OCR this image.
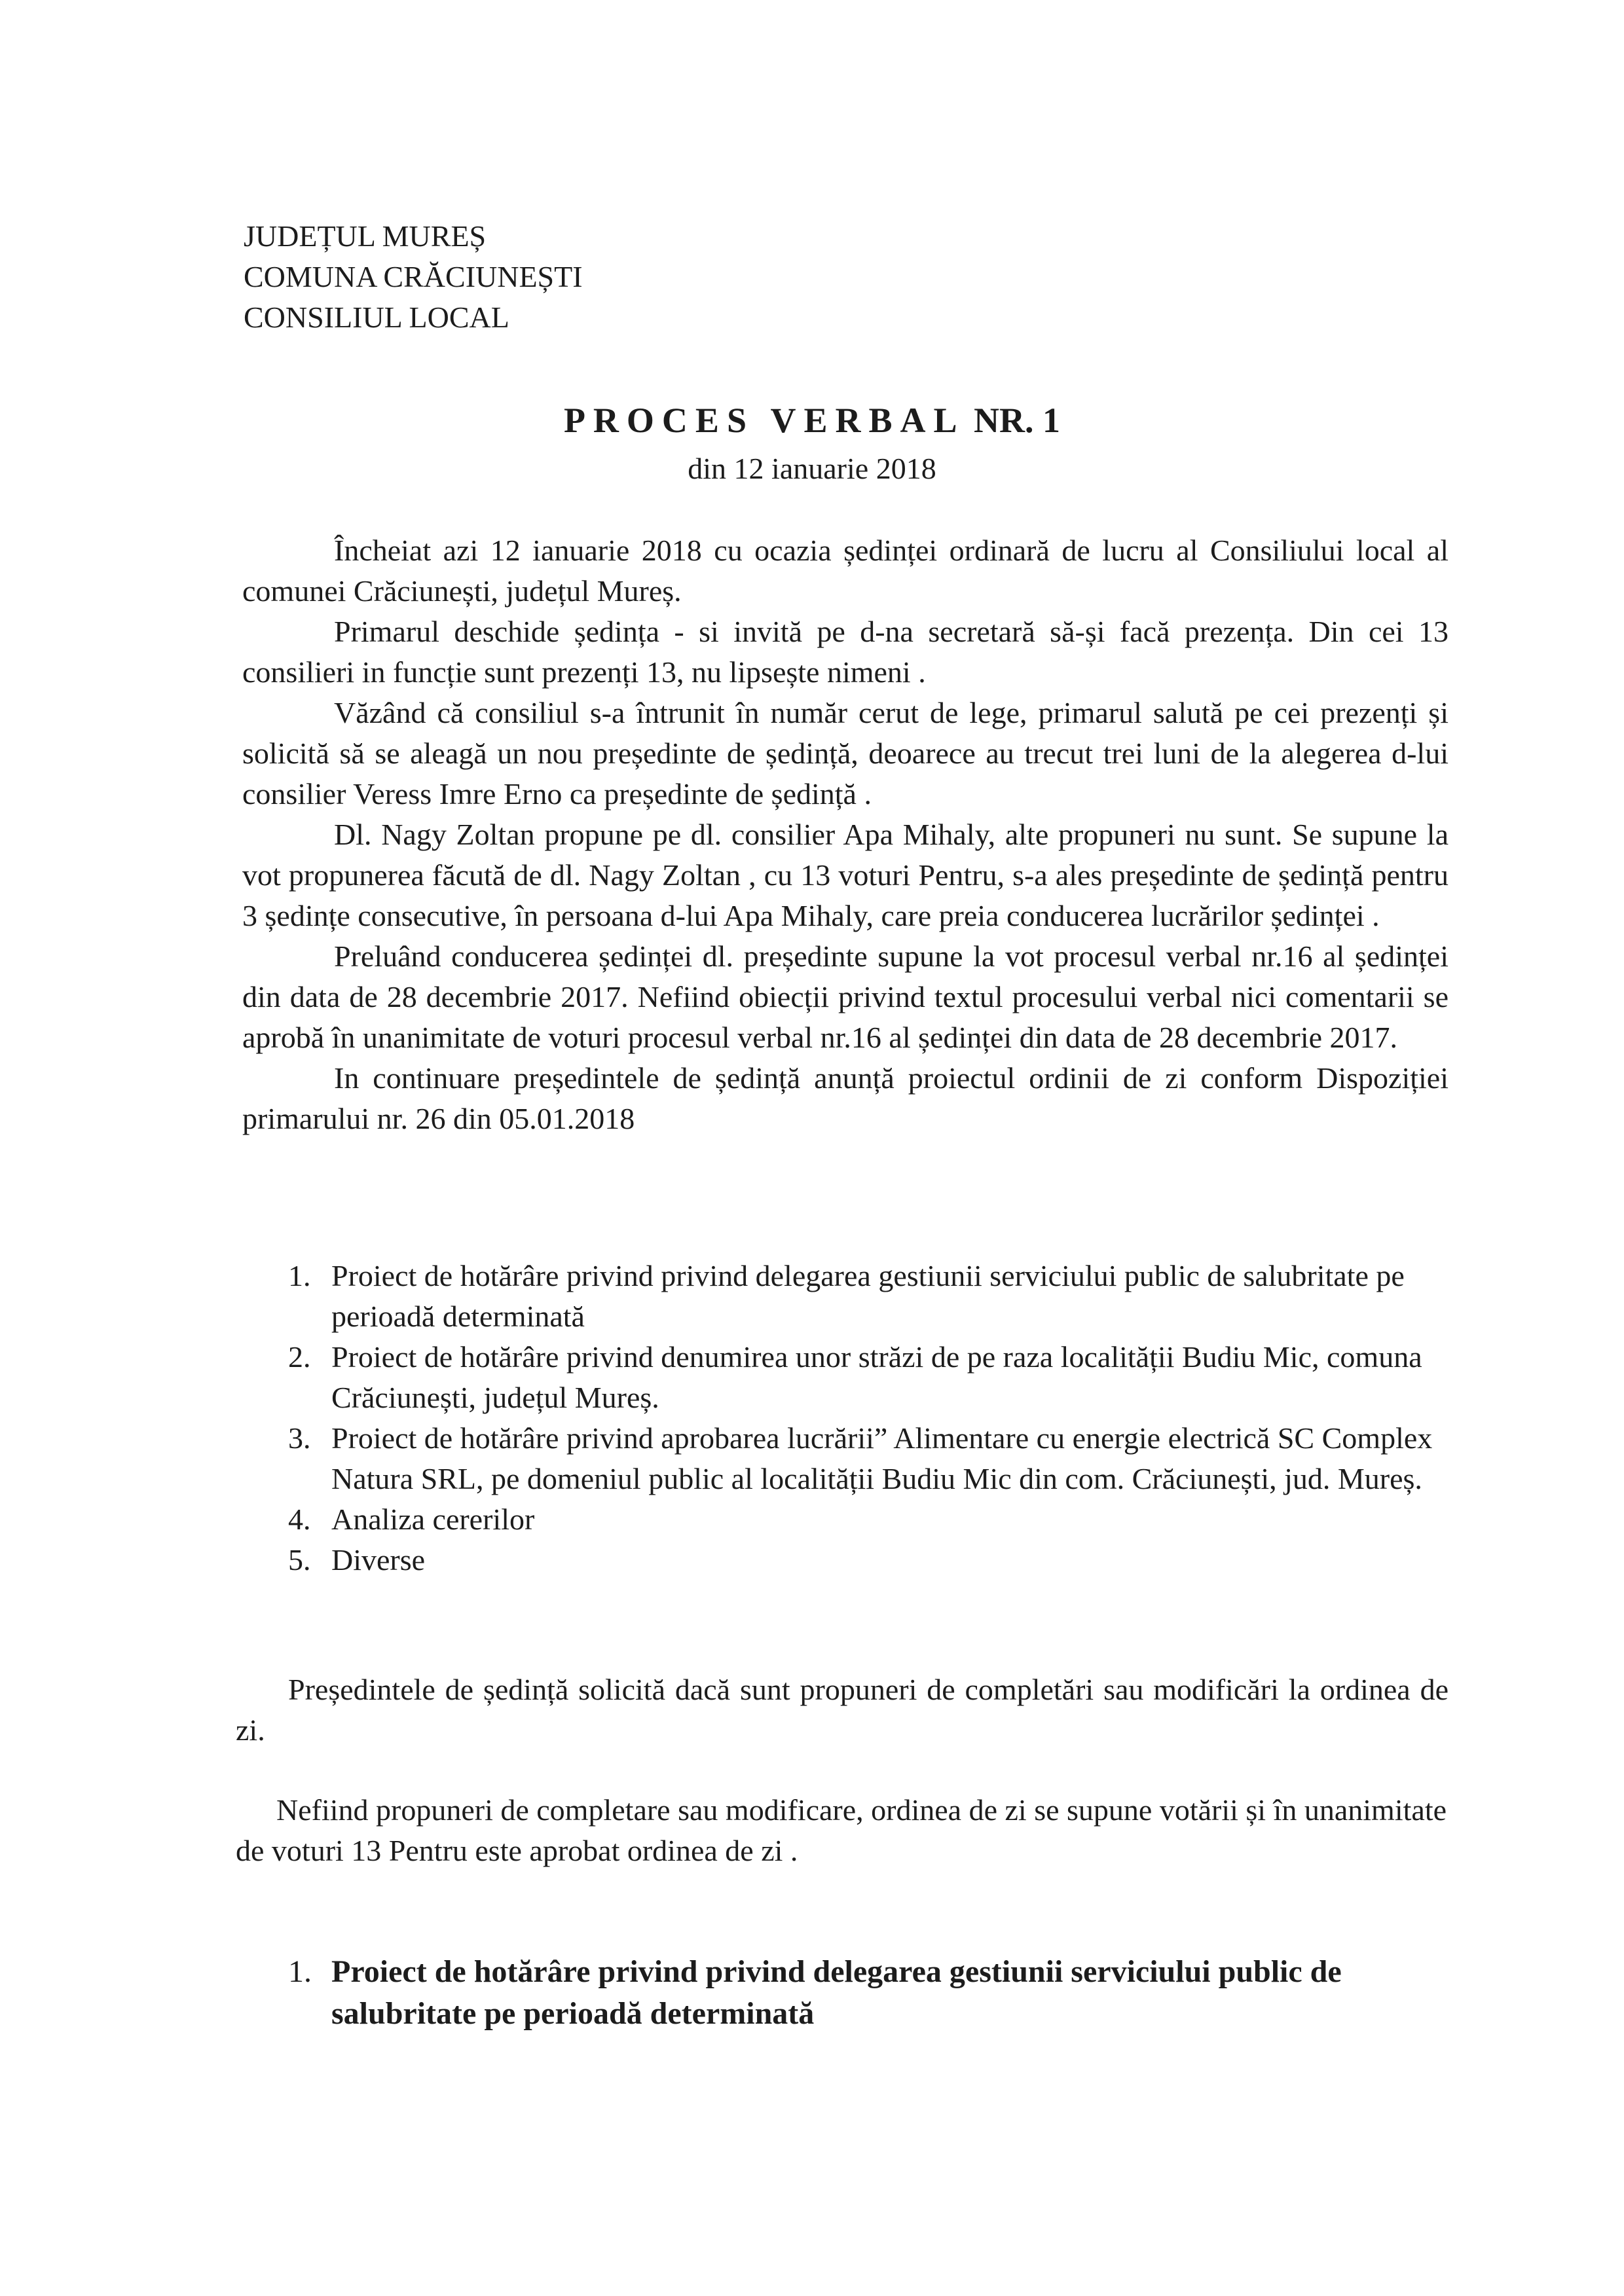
JUDEȚUL MUREȘ
COMUNA CRĂCIUNEȘTI
CONSILIUL LOCAL
PROCES VERBAL NR. 1
din 12 ianuarie 2018

Încheiat azi 12 ianuarie 2018 cu ocazia ședinței ordinară de lucru al Consiliului local al comunei Crăciunești, județul Mureș.

Primarul deschide ședința - si invită pe d-na secretară să-și facă prezența. Din cei 13 consilieri in funcție sunt prezenți 13, nu lipsește nimeni .

Văzând că consiliul s-a întrunit în număr cerut de lege, primarul salută pe cei prezenți și solicită să se aleagă un nou președinte de ședință, deoarece au trecut trei luni de la alegerea d-lui consilier Veress Imre Erno ca președinte de ședință .

Dl. Nagy Zoltan propune pe dl. consilier Apa Mihaly, alte propuneri nu sunt. Se supune la vot propunerea făcută de dl. Nagy Zoltan , cu 13 voturi Pentru, s-a ales președinte de ședință pentru 3 ședințe consecutive, în persoana d-lui Apa Mihaly, care preia conducerea lucrărilor ședinței .

Preluând conducerea ședinței dl. președinte supune la vot procesul verbal nr.16 al ședinței din data de 28 decembrie 2017. Nefiind obiecții privind textul procesului verbal nici comentarii se aprobă în unanimitate de voturi procesul verbal nr.16 al ședinței din data de 28 decembrie 2017.

In continuare președintele de ședință anunță proiectul ordinii de zi conform Dispoziției primarului nr. 26 din 05.01.2018

1. Proiect de hotărâre privind privind delegarea gestiunii serviciului public de salubritate pe perioadă determinată
2. Proiect de hotărâre privind denumirea unor străzi de pe raza localității Budiu Mic, comuna Crăciunești, județul Mureș.
3. Proiect de hotărâre privind aprobarea lucrării” Alimentare cu energie electrică SC Complex Natura SRL, pe domeniul public al localității Budiu Mic din com. Crăciunești, jud. Mureș.
4. Analiza cererilor
5. Diverse

Președintele de ședință solicită dacă sunt propuneri de completări sau modificări la ordinea de zi.

Nefiind propuneri de completare sau modificare, ordinea de zi se supune votării și în unanimitate de voturi 13 Pentru este aprobat ordinea de zi .

1. Proiect de hotărâre privind privind delegarea gestiunii serviciului public de salubritate pe perioadă determinată
